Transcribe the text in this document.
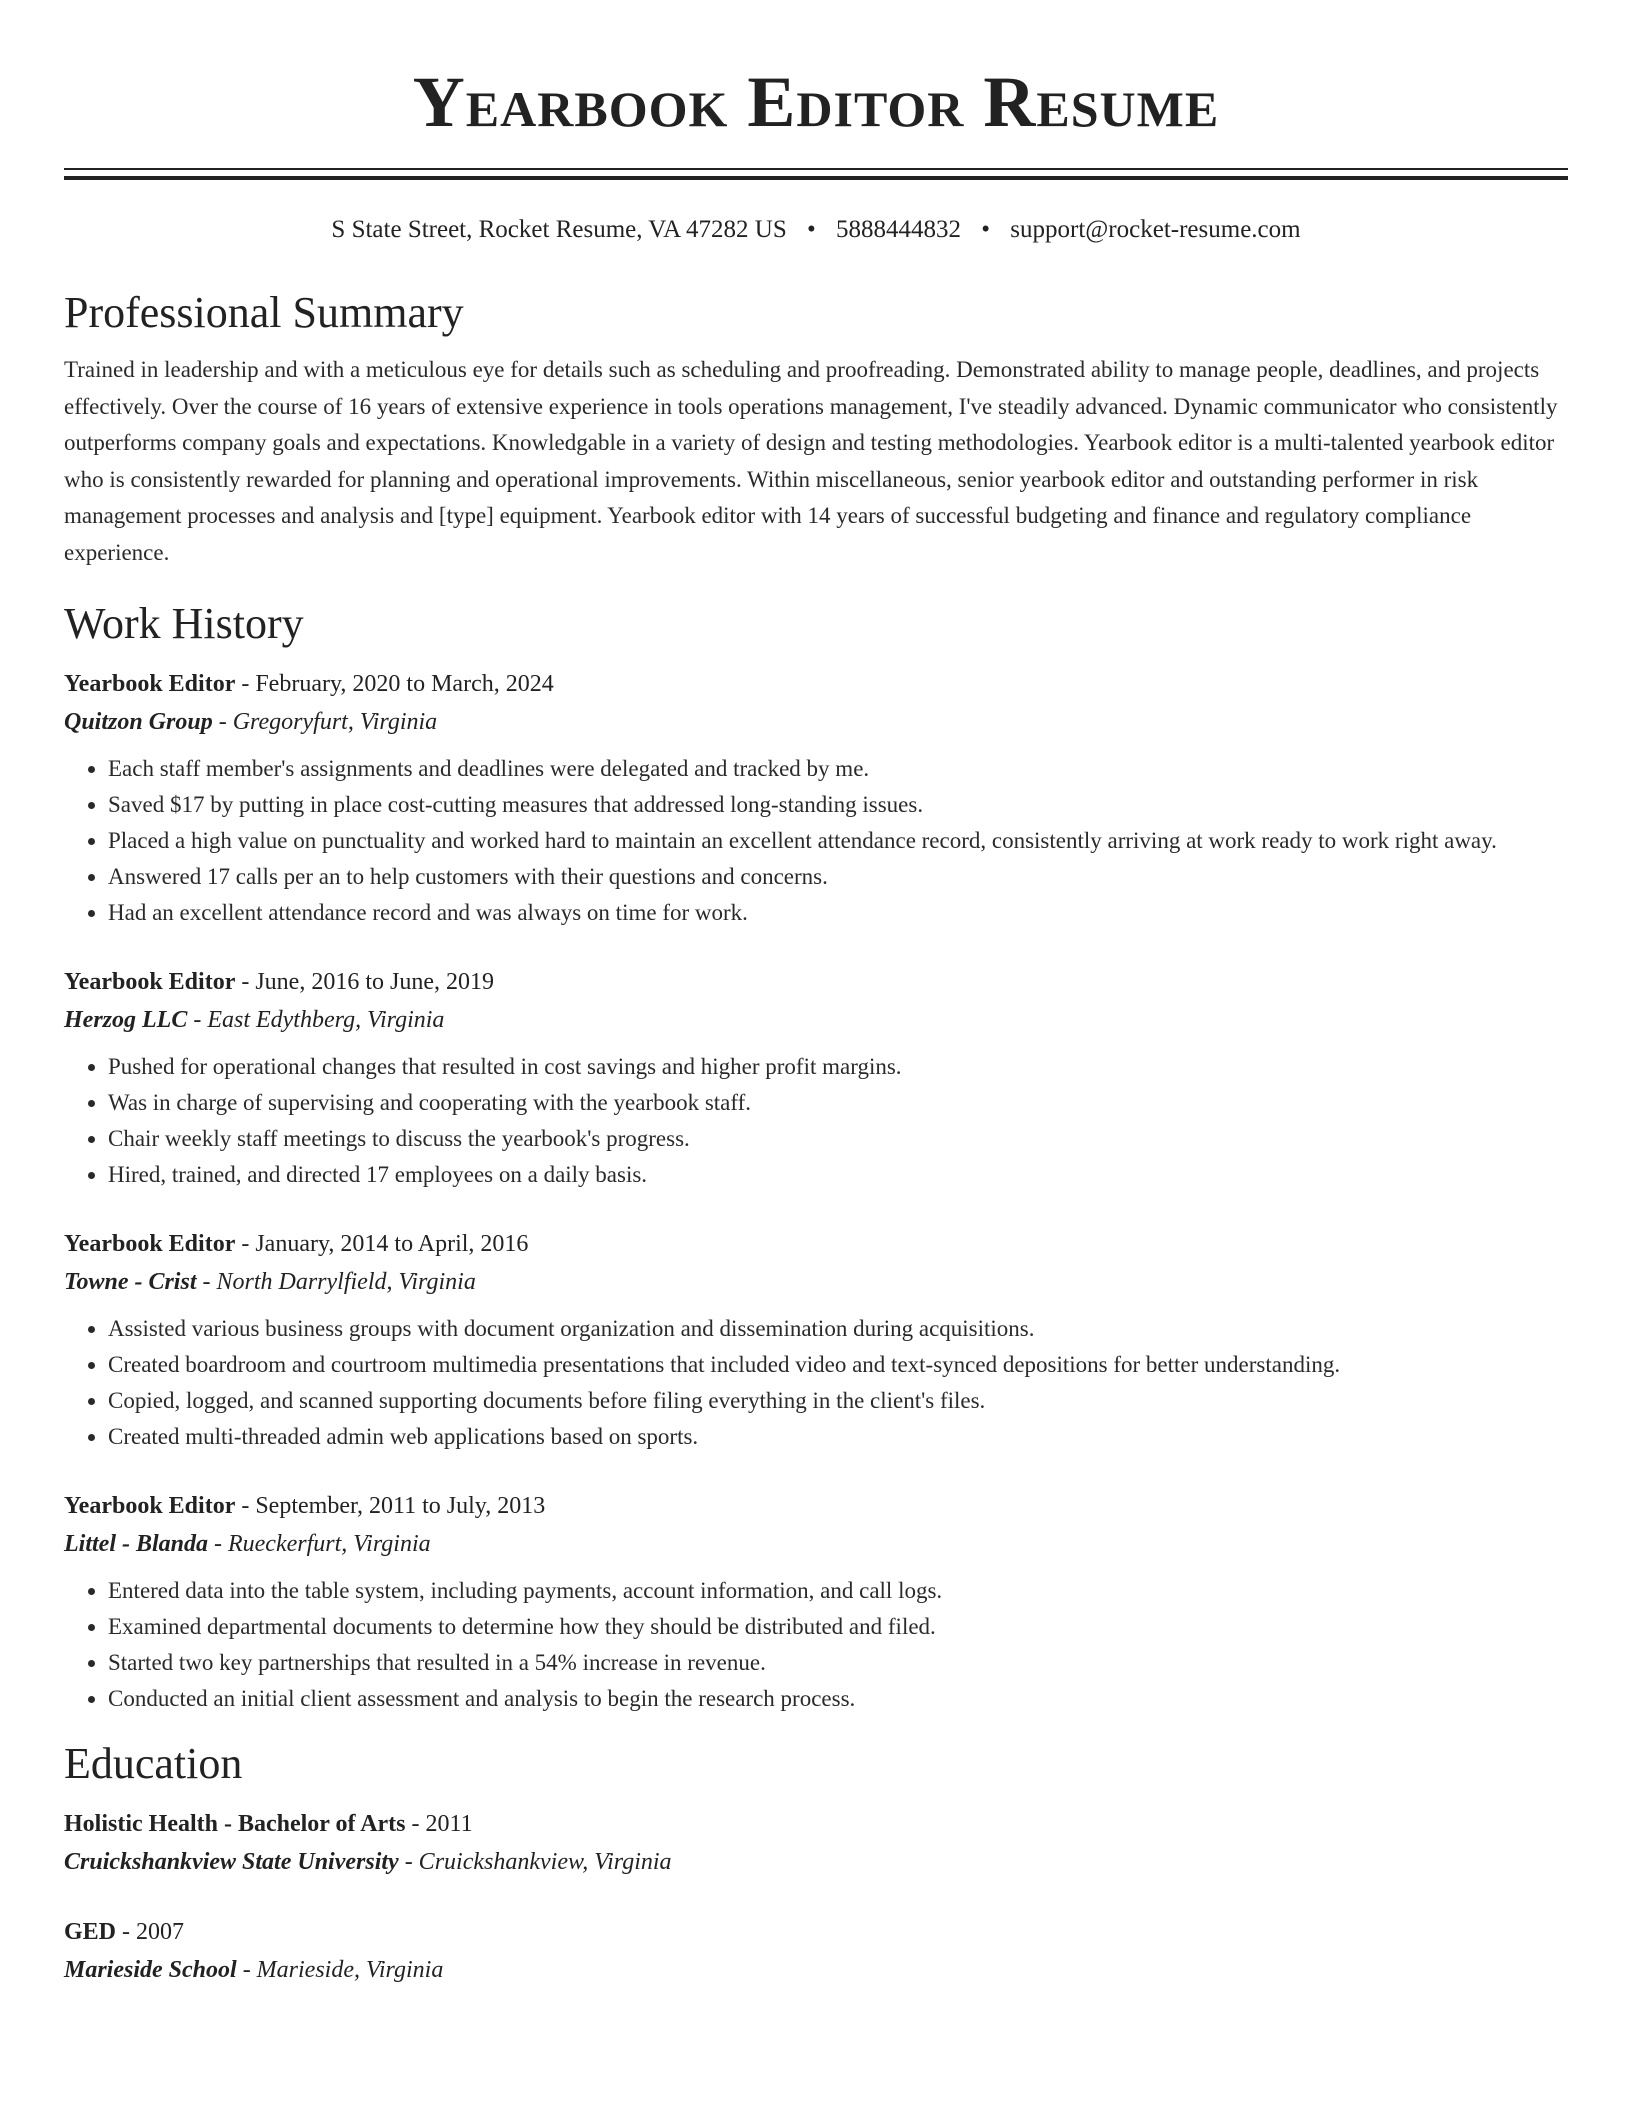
Yearbook Editor Resume
S State Street, Rocket Resume, VA 47282 US • 5888444832 • support@rocket-resume.com
Professional Summary

Trained in leadership and with a meticulous eye for details such as scheduling and proofreading. Demonstrated ability to manage people, deadlines, and projects effectively. Over the course of 16 years of extensive experience in tools operations management, I've steadily advanced. Dynamic communicator who consistently outperforms company goals and expectations. Knowledgable in a variety of design and testing methodologies. Yearbook editor is a multi-talented yearbook editor who is consistently rewarded for planning and operational improvements. Within miscellaneous, senior yearbook editor and outstanding performer in risk management processes and analysis and [type] equipment. Yearbook editor with 14 years of successful budgeting and finance and regulatory compliance experience.

Work History
Yearbook Editor - February, 2020 to March, 2024
Quitzon Group - Gregoryfurt, Virginia
• Each staff member's assignments and deadlines were delegated and tracked by me.
• Saved $17 by putting in place cost-cutting measures that addressed long-standing issues.
• Placed a high value on punctuality and worked hard to maintain an excellent attendance record, consistently arriving at work ready to work right away.
• Answered 17 calls per an to help customers with their questions and concerns.
• Had an excellent attendance record and was always on time for work.
Yearbook Editor - June, 2016 to June, 2019
Herzog LLC - East Edythberg, Virginia
• Pushed for operational changes that resulted in cost savings and higher profit margins.
• Was in charge of supervising and cooperating with the yearbook staff.
• Chair weekly staff meetings to discuss the yearbook's progress.
• Hired, trained, and directed 17 employees on a daily basis.
Yearbook Editor - January, 2014 to April, 2016
Towne - Crist - North Darrylfield, Virginia
• Assisted various business groups with document organization and dissemination during acquisitions.
• Created boardroom and courtroom multimedia presentations that included video and text-synced depositions for better understanding.
• Copied, logged, and scanned supporting documents before filing everything in the client's files.
• Created multi-threaded admin web applications based on sports.
Yearbook Editor - September, 2011 to July, 2013
Littel - Blanda - Rueckerfurt, Virginia
• Entered data into the table system, including payments, account information, and call logs.
• Examined departmental documents to determine how they should be distributed and filed.
• Started two key partnerships that resulted in a 54% increase in revenue.
• Conducted an initial client assessment and analysis to begin the research process.
Education
Holistic Health - Bachelor of Arts - 2011
Cruickshankview State University - Cruickshankview, Virginia
GED - 2007
Marieside School - Marieside, Virginia
